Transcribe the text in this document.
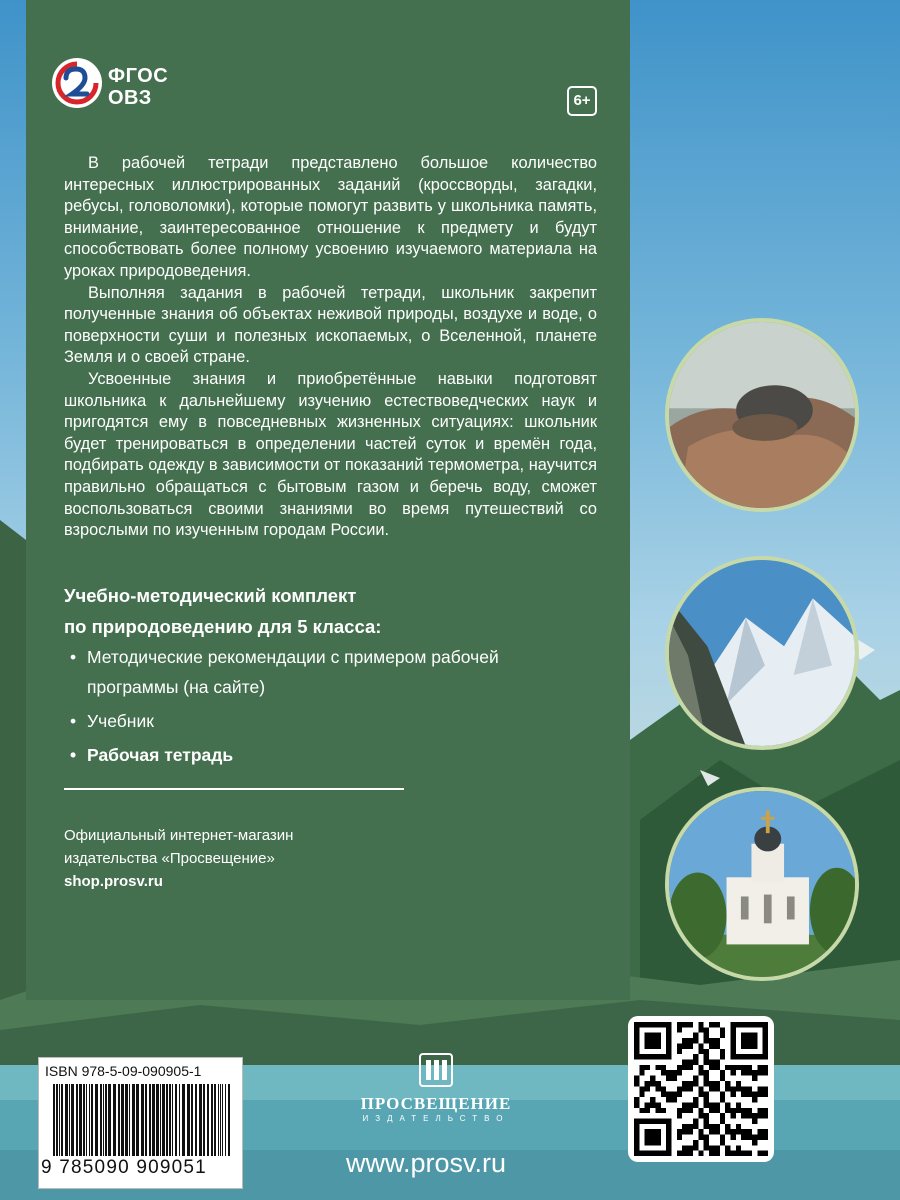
ФГОС
ОВЗ	6+

В рабочей тетради представлено большое количество интересных иллюстрированных заданий (кроссворды, загадки, ребусы, головоломки), которые помогут развить у школьника память, внимание, заинтересованное отношение к предмету и будут способствовать более полному усвоению изучаемого материала на уроках природоведения.

Выполняя задания в рабочей тетради, школьник закрепит полученные знания об объектах неживой природы, воздухе и воде, о поверхности суши и полезных ископаемых, о Вселенной, планете Земля и о своей стране.

Усвоенные знания и приобретённые навыки подготовят школьника к дальнейшему изучению естествоведческих наук и пригодятся ему в повседневных жизненных ситуациях: школьник будет тренироваться в определении частей суток и времён года, подбирать одежду в зависимости от показаний термометра, научится правильно обращаться с бытовым газом и беречь воду, сможет воспользоваться своими знаниями во время путешествий со взрослыми по изученным городам России.

Учебно-методический комплект
по природоведению для 5 класса:
• Методические рекомендации с примером рабочей программы (на сайте)
• Учебник
• Рабочая тетрадь
Официальный интернет-магазин
издательства «Просвещение»
shop.prosv.ru
ISBN 978-5-09-090905-1
9 785090 909051
ПРОСВЕЩЕНИЕ
ИЗДАТЕЛЬСТВО
www.prosv.ru
